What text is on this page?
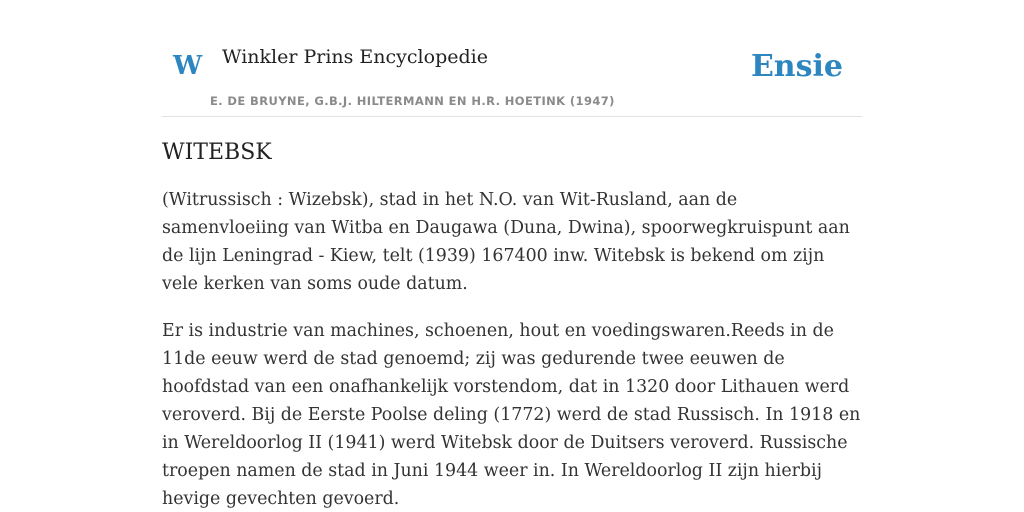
W Winkler Prins Encyclopedie
E. DE BRUYNE, G.B.J. HILTERMANN EN H.R. HOETINK (1947)
Ensie
WITEBSK

(Witrussisch : Wizebsk), stad in het N.O. van Wit-Rusland, aan de samenvloeiing van Witba en Daugawa (Duna, Dwina), spoorwegkruispunt aan de lijn Leningrad - Kiew, telt (1939) 167400 inw. Witebsk is bekend om zijn vele kerken van soms oude datum.

Er is industrie van machines, schoenen, hout en voedingswaren.Reeds in de 11de eeuw werd de stad genoemd; zij was gedurende twee eeuwen de hoofdstad van een onafhankelijk vorstendom, dat in 1320 door Lithauen werd veroverd. Bij de Eerste Poolse deling (1772) werd de stad Russisch. In 1918 en in Wereldoorlog II (1941) werd Witebsk door de Duitsers veroverd. Russische troepen namen de stad in Juni 1944 weer in. In Wereldoorlog II zijn hierbij hevige gevechten gevoerd.
